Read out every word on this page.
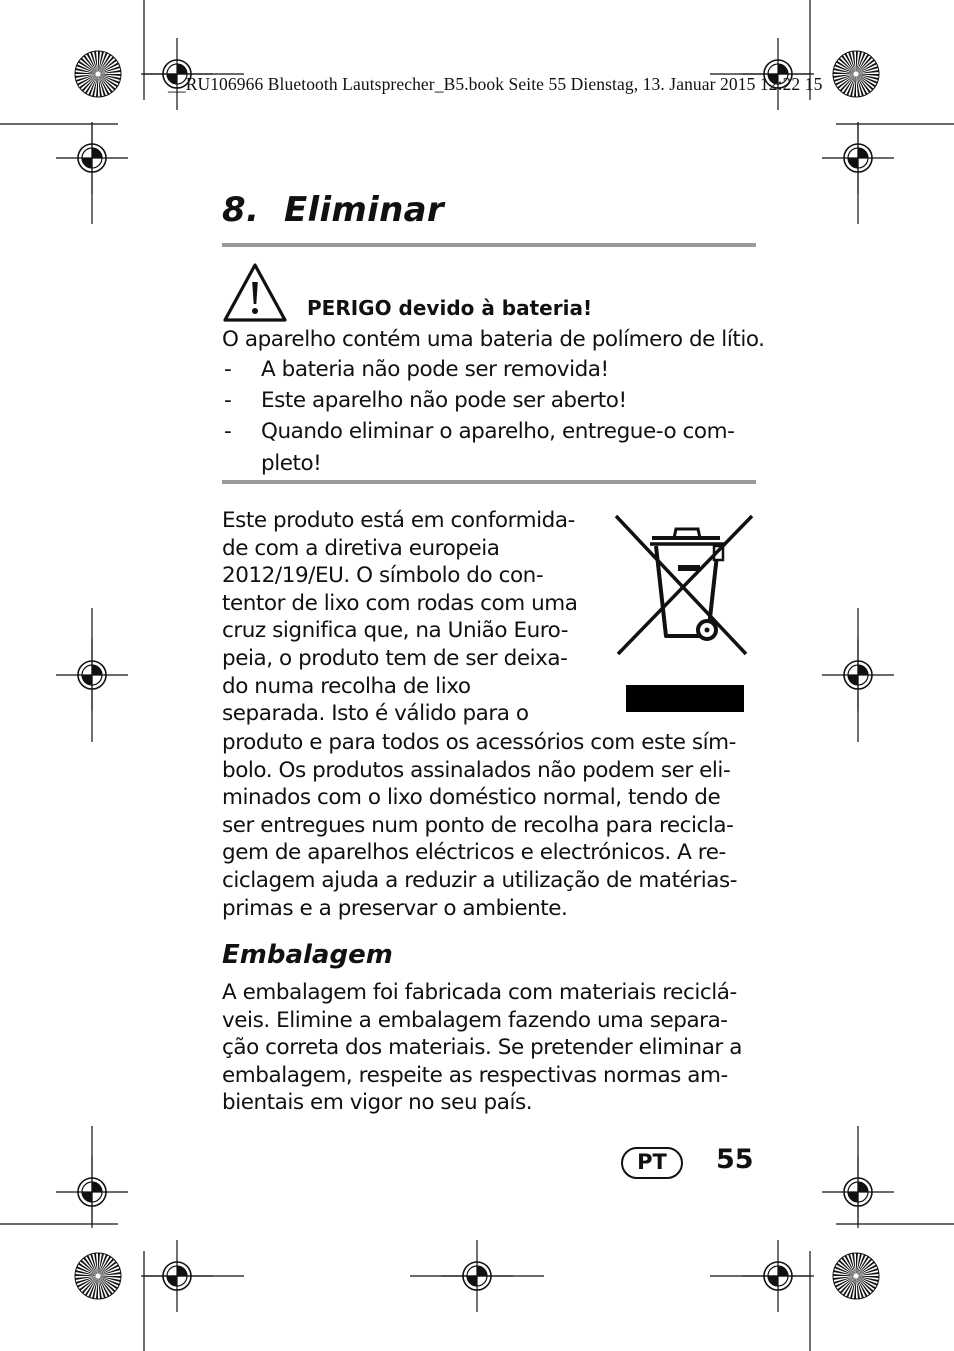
__RU106966 Bluetooth Lautsprecher_B5.book Seite 55 Dienstag, 13. Januar 2015 12:22 15
8. Eliminar
PERIGO devido à bateria!
O aparelho contém uma bateria de polímero de lítio.
- A bateria não pode ser removida!
- Este aparelho não pode ser aberto!
- Quando eliminar o aparelho, entregue-o com-
pleto!
Este produto está em conformida-
de com a diretiva europeia
2012/19/EU. O símbolo do con-
tentor de lixo com rodas com uma
cruz significa que, na União Euro-
peia, o produto tem de ser deixa-
do numa recolha de lixo
separada. Isto é válido para o
produto e para todos os acessórios com este sím-
bolo. Os produtos assinalados não podem ser eli-
minados com o lixo doméstico normal, tendo de
ser entregues num ponto de recolha para recicla-
gem de aparelhos eléctricos e electrónicos. A re-
ciclagem ajuda a reduzir a utilização de matérias-
primas e a preservar o ambiente.
Embalagem
A embalagem foi fabricada com materiais reciclá-
veis. Elimine a embalagem fazendo uma separa-
ção correta dos materiais. Se pretender eliminar a
embalagem, respeite as respectivas normas am-
bientais em vigor no seu país.
PT	55
